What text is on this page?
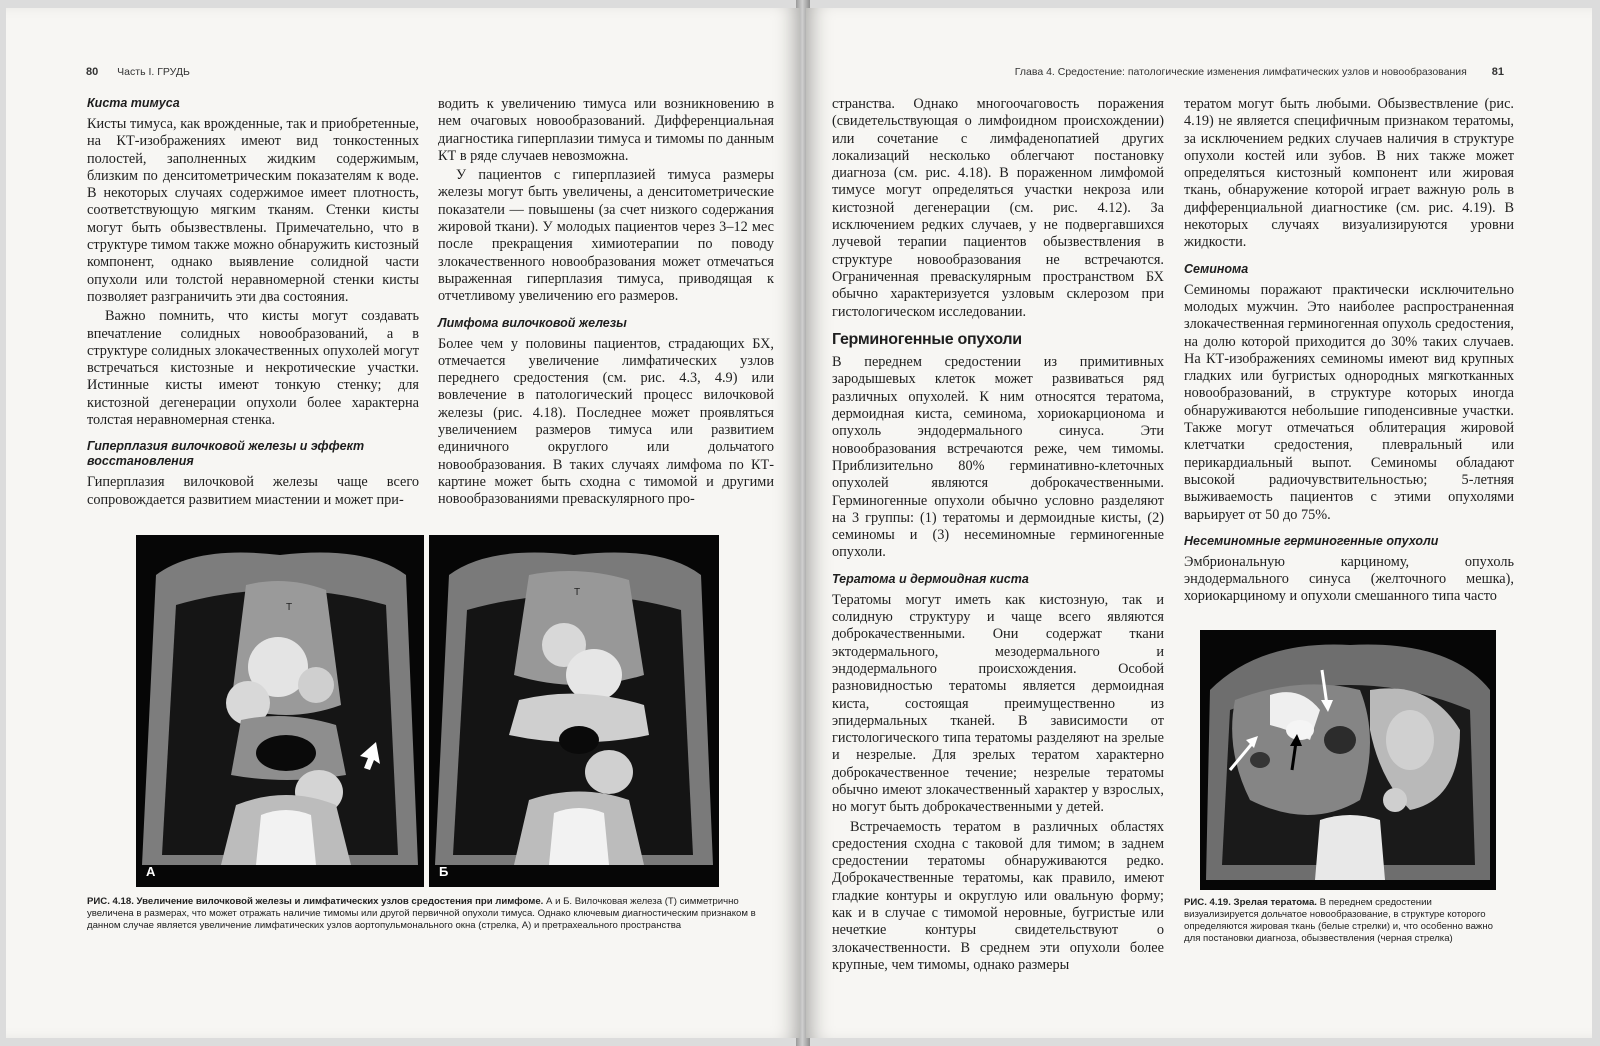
80 Часть I. ГРУДЬ
Киста тимуса

Кисты тимуса, как врожденные, так и приобретенные, на КТ-изображениях имеют вид тонкостенных полостей, заполненных жидким содержимым, близким по денситометрическим показателям к воде. В некоторых случаях содержимое имеет плотность, соответствующую мягким тканям. Стенки кисты могут быть обызвествлены. Примечательно, что в структуре тимом также можно обнаружить кистозный компонент, однако выявление солидной части опухоли или толстой неравномерной стенки кисты позволяет разграничить эти два состояния.

Важно помнить, что кисты могут создавать впечатление солидных новообразований, а в структуре солидных злокачественных опухолей могут встречаться кистозные и некротические участки. Истинные кисты имеют тонкую стенку; для кистозной дегенерации опухоли более характерна толстая неравномерная стенка.

Гиперплазия вилочковой железы и эффект восстановления

Гиперплазия вилочковой железы чаще всего сопровождается развитием миастении и может при-

водить к увеличению тимуса или возникновению в нем очаговых новообразований. Дифференциальная диагностика гиперплазии тимуса и тимомы по данным КТ в ряде случаев невозможна.

У пациентов с гиперплазией тимуса размеры железы могут быть увеличены, а денситометрические показатели — повышены (за счет низкого содержания жировой ткани). У молодых пациентов через 3–12 мес после прекращения химиотерапии по поводу злокачественного новообразования может отмечаться выраженная гиперплазия тимуса, приводящая к отчетливому увеличению его размеров.

Лимфома вилочковой железы

Более чем у половины пациентов, страдающих БХ, отмечается увеличение лимфатических узлов переднего средостения (см. рис. 4.3, 4.9) или вовлечение в патологический процесс вилочковой железы (рис. 4.18). Последнее может проявляться увеличением размеров тимуса или развитием единичного округлого или дольчатого новообразования. В таких случаях лимфома по КТ-картине может быть сходна с тимомой и другими новообразованиями превaскулярного про-

Т
А
Т
Б
РИС. 4.18. Увеличение вилочковой железы и лимфатических узлов средостения при лимфоме. А и Б. Вилочковая железа (Т) симметрично увеличена в размерах, что может отражать наличие тимомы или другой первичной опухоли тимуса. Однако ключевым диагностическим признаком в данном случае является увеличение лимфатических узлов аортопульмонального окна (стрелка, А) и претрахеального пространства
Глава 4. Средостение: патологические изменения лимфатических узлов и новообразования 81

странства. Однако многоочаговость поражения (свидетельствующая о лимфоидном происхождении) или сочетание с лимфаденопатией других локализаций несколько облегчают постановку диагноза (см. рис. 4.18). В пораженном лимфомой тимусе могут определяться участки некроза или кистозной дегенерации (см. рис. 4.12). За исключением редких случаев, у не подвергавшихся лучевой терапии пациентов обызвествления в структуре новообразования не встречаются. Ограниченная преваскулярным пространством БХ обычно характеризуется узловым склерозом при гистологическом исследовании.

Герминогенные опухоли

В переднем средостении из примитивных зародышевых клеток может развиваться ряд различных опухолей. К ним относятся тератома, дермоидная киста, семинома, хориокарционома и опухоль эндодермального синуса. Эти новообразования встречаются реже, чем тимомы. Приблизительно 80% герминативно-клеточных опухолей являются доброкачественными. Герминогенные опухоли обычно условно разделяют на 3 группы: (1) тератомы и дермоидные кисты, (2) семиномы и (3) несеминомные герминогенные опухоли.

Тератома и дермоидная киста

Тератомы могут иметь как кистозную, так и солидную структуру и чаще всего являются доброкачественными. Они содержат ткани эктодермального, мезодермального и эндодермального происхождения. Особой разновидностью тератомы является дермоидная киста, состоящая преимущественно из эпидермальных тканей. В зависимости от гистологического типа тератомы разделяют на зрелые и незрелые. Для зрелых тератом характерно доброкачественное течение; незрелые тератомы обычно имеют злокачественный характер у взрослых, но могут быть доброкачественными у детей.

Встречаемость тератом в различных областях средостения сходна с таковой для тимом; в заднем средостении тератомы обнаруживаются редко. Доброкачественные тератомы, как правило, имеют гладкие контуры и округлую или овальную форму; как и в случае с тимомой неровные, бугристые или нечеткие контуры свидетельствуют о злокачественности. В среднем эти опухоли более крупные, чем тимомы, однако размеры

тератом могут быть любыми. Обызвествление (рис. 4.19) не является специфичным признаком тератомы, за исключением редких случаев наличия в структуре опухоли костей или зубов. В них также может определяться кистозный компонент или жировая ткань, обнаружение которой играет важную роль в дифференциальной диагностике (см. рис. 4.19). В некоторых случаях визуализируются уровни жидкости.

Семинома

Семиномы поражают практически исключительно молодых мужчин. Это наиболее распространенная злокачественная герминогенная опухоль средостения, на долю которой приходится до 30% таких случаев. На КТ-изображениях семиномы имеют вид крупных гладких или бугристых однородных мягкотканных новообразований, в структуре которых иногда обнаруживаются небольшие гиподенсивные участки. Также могут отмечаться облитерация жировой клетчатки средостения, плевральный или перикардиальный выпот. Семиномы обладают высокой радиочувствительностью; 5-летняя выживаемость пациентов с этими опухолями варьирует от 50 до 75%.

Несеминомные герминогенные опухоли

Эмбриональную карциному, опухоль эндодермального синуса (желточного мешка), хориокарциному и опухоли смешанного типа часто

РИС. 4.19. Зрелая тератома. В переднем средостении визуализируется дольчатое новообразование, в структуре которого определяются жировая ткань (белые стрелки) и, что особенно важно для постановки диагноза, обызвествления (черная стрелка)
